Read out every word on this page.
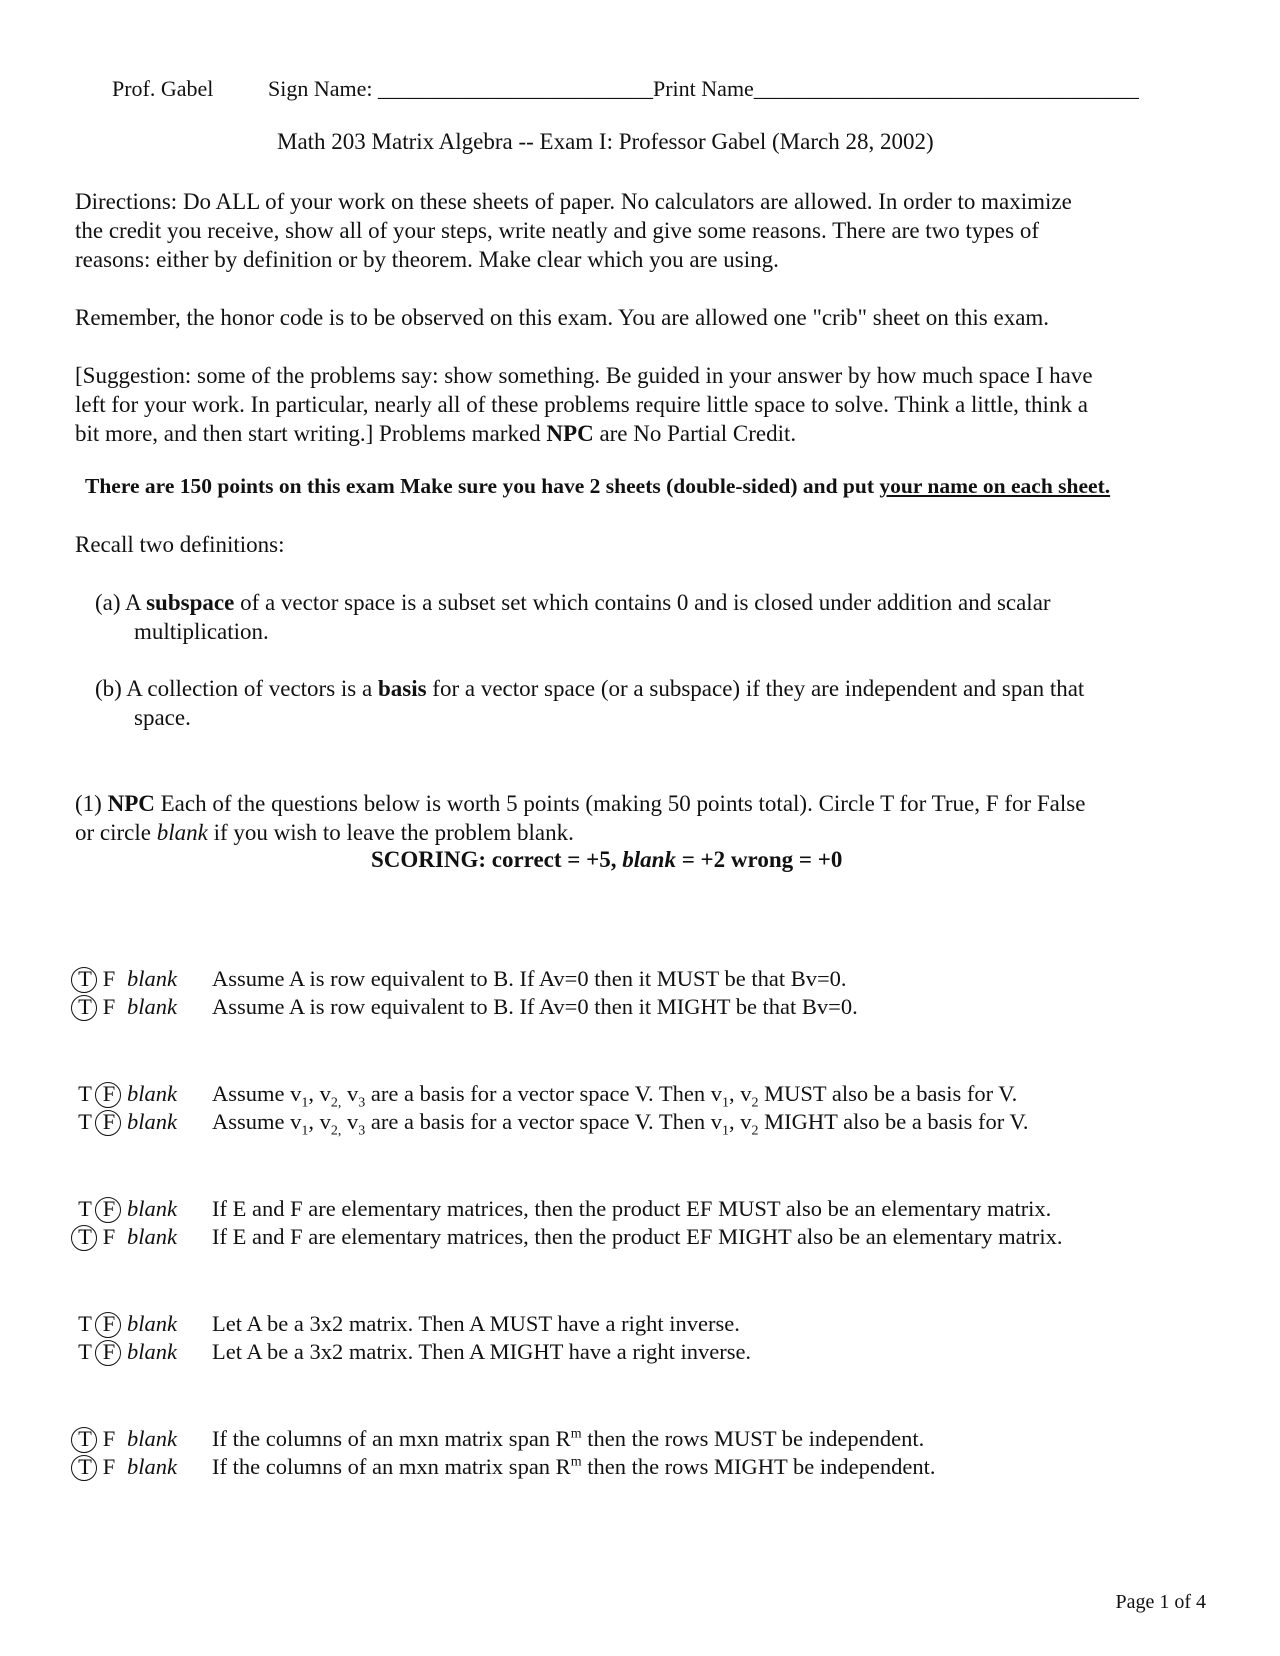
Prof. Gabel Sign Name: _________________________Print Name___________________________________
Math 203 Matrix Algebra -- Exam I: Professor Gabel (March 28, 2002)
Directions: Do ALL of your work on these sheets of paper. No calculators are allowed. In order to maximize
the credit you receive, show all of your steps, write neatly and give some reasons. There are two types of
reasons: either by definition or by theorem. Make clear which you are using.
Remember, the honor code is to be observed on this exam. You are allowed one "crib" sheet on this exam.
[Suggestion: some of the problems say: show something. Be guided in your answer by how much space I have
left for your work. In particular, nearly all of these problems require little space to solve. Think a little, think a
bit more, and then start writing.] Problems marked NPC are No Partial Credit.
There are 150 points on this exam Make sure you have 2 sheets (double-sided) and put your name on each sheet.
Recall two definitions:
(a) A subspace of a vector space is a subset set which contains 0 and is closed under addition and scalar
multiplication.
(b) A collection of vectors is a basis for a vector space (or a subspace) if they are independent and span that
space.
(1) NPC Each of the questions below is worth 5 points (making 50 points total). Circle T for True, F for False
or circle blank if you wish to leave the problem blank.
SCORING: correct = +5, blank = +2 wrong = +0
T F blank Assume A is row equivalent to B. If Av=0 then it MUST be that Bv=0.
T F blank Assume A is row equivalent to B. If Av=0 then it MIGHT be that Bv=0.
T F blank Assume $v_1$, $v_{2,}$ $v_3$ are a basis for a vector space V. Then $v_1$, $v_2$ MUST also be a basis for V.
T F blank Assume $v_1$, $v_{2,}$ $v_3$ are a basis for a vector space V. Then $v_1$, $v_2$ MIGHT also be a basis for V.
T F blank If E and F are elementary matrices, then the product EF MUST also be an elementary matrix.
T F blank If E and F are elementary matrices, then the product EF MIGHT also be an elementary matrix.
T F blank Let A be a 3x2 matrix. Then A MUST have a right inverse.
T F blank Let A be a 3x2 matrix. Then A MIGHT have a right inverse.
T F blank If the columns of an mxn matrix span $R^m$ then the rows MUST be independent.
T F blank If the columns of an mxn matrix span $R^m$ then the rows MIGHT be independent.
Page 1 of 4
